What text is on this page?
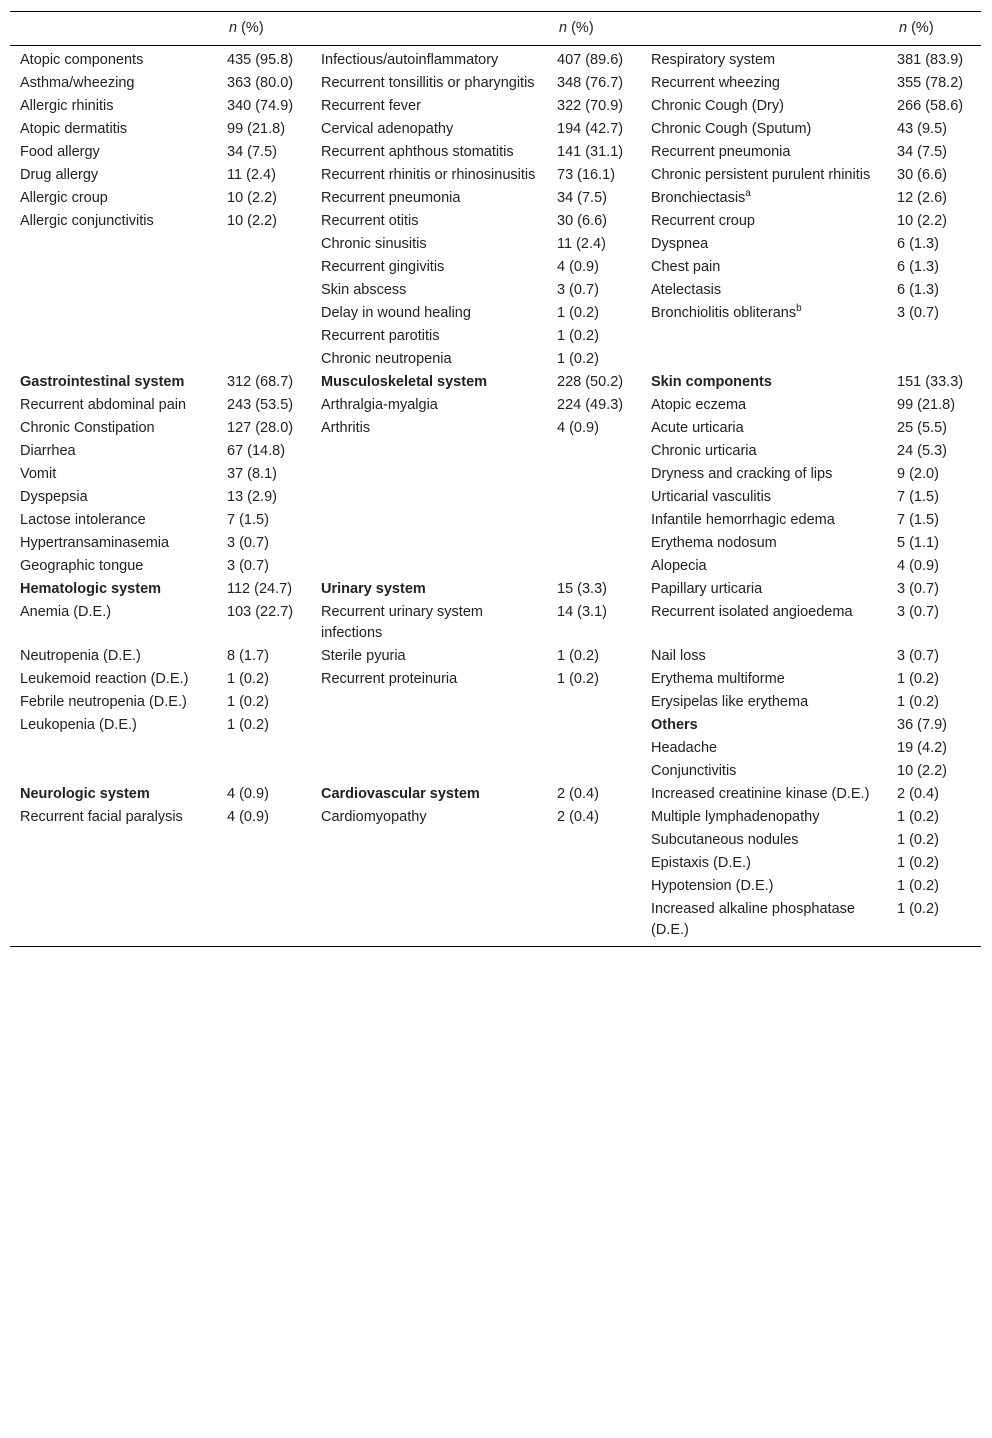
	n (%)		n (%)		n (%)
Atopic components	435 (95.8)	Infectious/autoinflammatory	407 (89.6)	Respiratory system	381 (83.9)
Asthma/wheezing	363 (80.0)	Recurrent tonsillitis or pharyngitis	348 (76.7)	Recurrent wheezing	355 (78.2)
Allergic rhinitis	340 (74.9)	Recurrent fever	322 (70.9)	Chronic Cough (Dry)	266 (58.6)
Atopic dermatitis	99 (21.8)	Cervical adenopathy	194 (42.7)	Chronic Cough (Sputum)	43 (9.5)
Food allergy	34 (7.5)	Recurrent aphthous stomatitis	141 (31.1)	Recurrent pneumonia	34 (7.5)
Drug allergy	11 (2.4)	Recurrent rhinitis or rhinosinusitis	73 (16.1)	Chronic persistent purulent rhinitis	30 (6.6)
Allergic croup	10 (2.2)	Recurrent pneumonia	34 (7.5)	Bronchiectasis$^a$	12 (2.6)
Allergic conjunctivitis	10 (2.2)	Recurrent otitis	30 (6.6)	Recurrent croup	10 (2.2)
		Chronic sinusitis	11 (2.4)	Dyspnea	6 (1.3)
		Recurrent gingivitis	4 (0.9)	Chest pain	6 (1.3)
		Skin abscess	3 (0.7)	Atelectasis	6 (1.3)
		Delay in wound healing	1 (0.2)	Bronchiolitis obliterans$^b$	3 (0.7)
		Recurrent parotitis	1 (0.2)		
		Chronic neutropenia	1 (0.2)		
Gastrointestinal system	312 (68.7)	Musculoskeletal system	228 (50.2)	Skin components	151 (33.3)
Recurrent abdominal pain	243 (53.5)	Arthralgia-myalgia	224 (49.3)	Atopic eczema	99 (21.8)
Chronic Constipation	127 (28.0)	Arthritis	4 (0.9)	Acute urticaria	25 (5.5)
Diarrhea	67 (14.8)			Chronic urticaria	24 (5.3)
Vomit	37 (8.1)			Dryness and cracking of lips	9 (2.0)
Dyspepsia	13 (2.9)			Urticarial vasculitis	7 (1.5)
Lactose intolerance	7 (1.5)			Infantile hemorrhagic edema	7 (1.5)
Hypertransaminasemia	3 (0.7)			Erythema nodosum	5 (1.1)
Geographic tongue	3 (0.7)			Alopecia	4 (0.9)
Hematologic system	112 (24.7)	Urinary system	15 (3.3)	Papillary urticaria	3 (0.7)
Anemia (D.E.)	103 (22.7)	Recurrent urinary system infections	14 (3.1)	Recurrent isolated angioedema	3 (0.7)
Neutropenia (D.E.)	8 (1.7)	Sterile pyuria	1 (0.2)	Nail loss	3 (0.7)
Leukemoid reaction (D.E.)	1 (0.2)	Recurrent proteinuria	1 (0.2)	Erythema multiforme	1 (0.2)
Febrile neutropenia (D.E.)	1 (0.2)			Erysipelas like erythema	1 (0.2)
Leukopenia (D.E.)	1 (0.2)			Others	36 (7.9)
				Headache	19 (4.2)
				Conjunctivitis	10 (2.2)
Neurologic system	4 (0.9)	Cardiovascular system	2 (0.4)	Increased creatinine kinase (D.E.)	2 (0.4)
Recurrent facial paralysis	4 (0.9)	Cardiomyopathy	2 (0.4)	Multiple lymphadenopathy	1 (0.2)
				Subcutaneous nodules	1 (0.2)
				Epistaxis (D.E.)	1 (0.2)
				Hypotension (D.E.)	1 (0.2)
				Increased alkaline phosphatase (D.E.)	1 (0.2)
